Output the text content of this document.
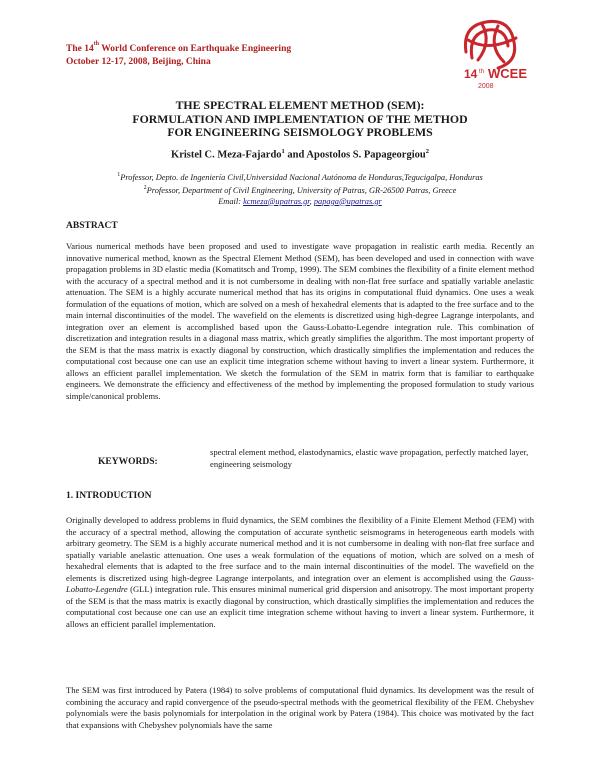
The 14th World Conference on Earthquake Engineering
October 12-17, 2008, Beijing, China
14 th WCEE
2008
THE SPECTRAL ELEMENT METHOD (SEM):
FORMULATION AND IMPLEMENTATION OF THE METHOD
FOR ENGINEERING SEISMOLOGY PROBLEMS
Kristel C. Meza-Fajardo$^1$ and Apostolos S. Papageorgiou$^2$
$^1$Professor, Depto. de Ingeniería Civil,Universidad Nacional Autónoma de Honduras,Tegucigalpa, Honduras
$^2$Professor, Department of Civil Engineering, University of Patras, GR-26500 Patras, Greece
Email: kcmeza@upatras.gr, papaga@upatras.gr
ABSTRACT
Various numerical methods have been proposed and used to investigate wave propagation in realistic earth media. Recently an innovative numerical method, known as the Spectral Element Method (SEM), has been developed and used in connection with wave propagation problems in 3D elastic media (Komatitsch and Tromp, 1999). The SEM combines the flexibility of a finite element method with the accuracy of a spectral method and it is not cumbersome in dealing with non-flat free surface and spatially variable anelastic attenuation. The SEM is a highly accurate numerical method that has its origins in computational fluid dynamics. One uses a weak formulation of the equations of motion, which are solved on a mesh of hexahedral elements that is adapted to the free surface and to the main internal discontinuities of the model. The wavefield on the elements is discretized using high-degree Lagrange interpolants, and integration over an element is accomplished based upon the Gauss-Lobatto-Legendre integration rule. This combination of discretization and integration results in a diagonal mass matrix, which greatly simplifies the algorithm. The most important property of the SEM is that the mass matrix is exactly diagonal by construction, which drastically simplifies the implementation and reduces the computational cost because one can use an explicit time integration scheme without having to invert a linear system. Furthermore, it allows an efficient parallel implementation. We sketch the formulation of the SEM in matrix form that is familiar to earthquake engineers. We demonstrate the efficiency and effectiveness of the method by implementing the proposed formulation to study various simple/canonical problems.
KEYWORDS:
spectral element method, elastodynamics, elastic wave propagation, perfectly matched layer, engineering seismology
1. INTRODUCTION
Originally developed to address problems in fluid dynamics, the SEM combines the flexibility of a Finite Element Method (FEM) with the accuracy of a spectral method, allowing the computation of accurate synthetic seismograms in heterogeneous earth models with arbitrary geometry. The SEM is a highly accurate numerical method and it is not cumbersome in dealing with non-flat free surface and spatially variable anelastic attenuation. One uses a weak formulation of the equations of motion, which are solved on a mesh of hexahedral elements that is adapted to the free surface and to the main internal discontinuities of the model. The wavefield on the elements is discretized using high-degree Lagrange interpolants, and integration over an element is accomplished using the Gauss-Lobatto-Legendre (GLL) integration rule. This ensures minimal numerical grid dispersion and anisotropy. The most important property of the SEM is that the mass matrix is exactly diagonal by construction, which drastically simplifies the implementation and reduces the computational cost because one can use an explicit time integration scheme without having to invert a linear system. Furthermore, it allows an efficient parallel implementation.
The SEM was first introduced by Patera (1984) to solve problems of computational fluid dynamics. Its development was the result of combining the accuracy and rapid convergence of the pseudo-spectral methods with the geometrical flexibility of the FEM. Chebyshev polynomials were the basis polynomials for interpolation in the original work by Patera (1984). This choice was motivated by the fact that expansions with Chebyshev polynomials have the same
